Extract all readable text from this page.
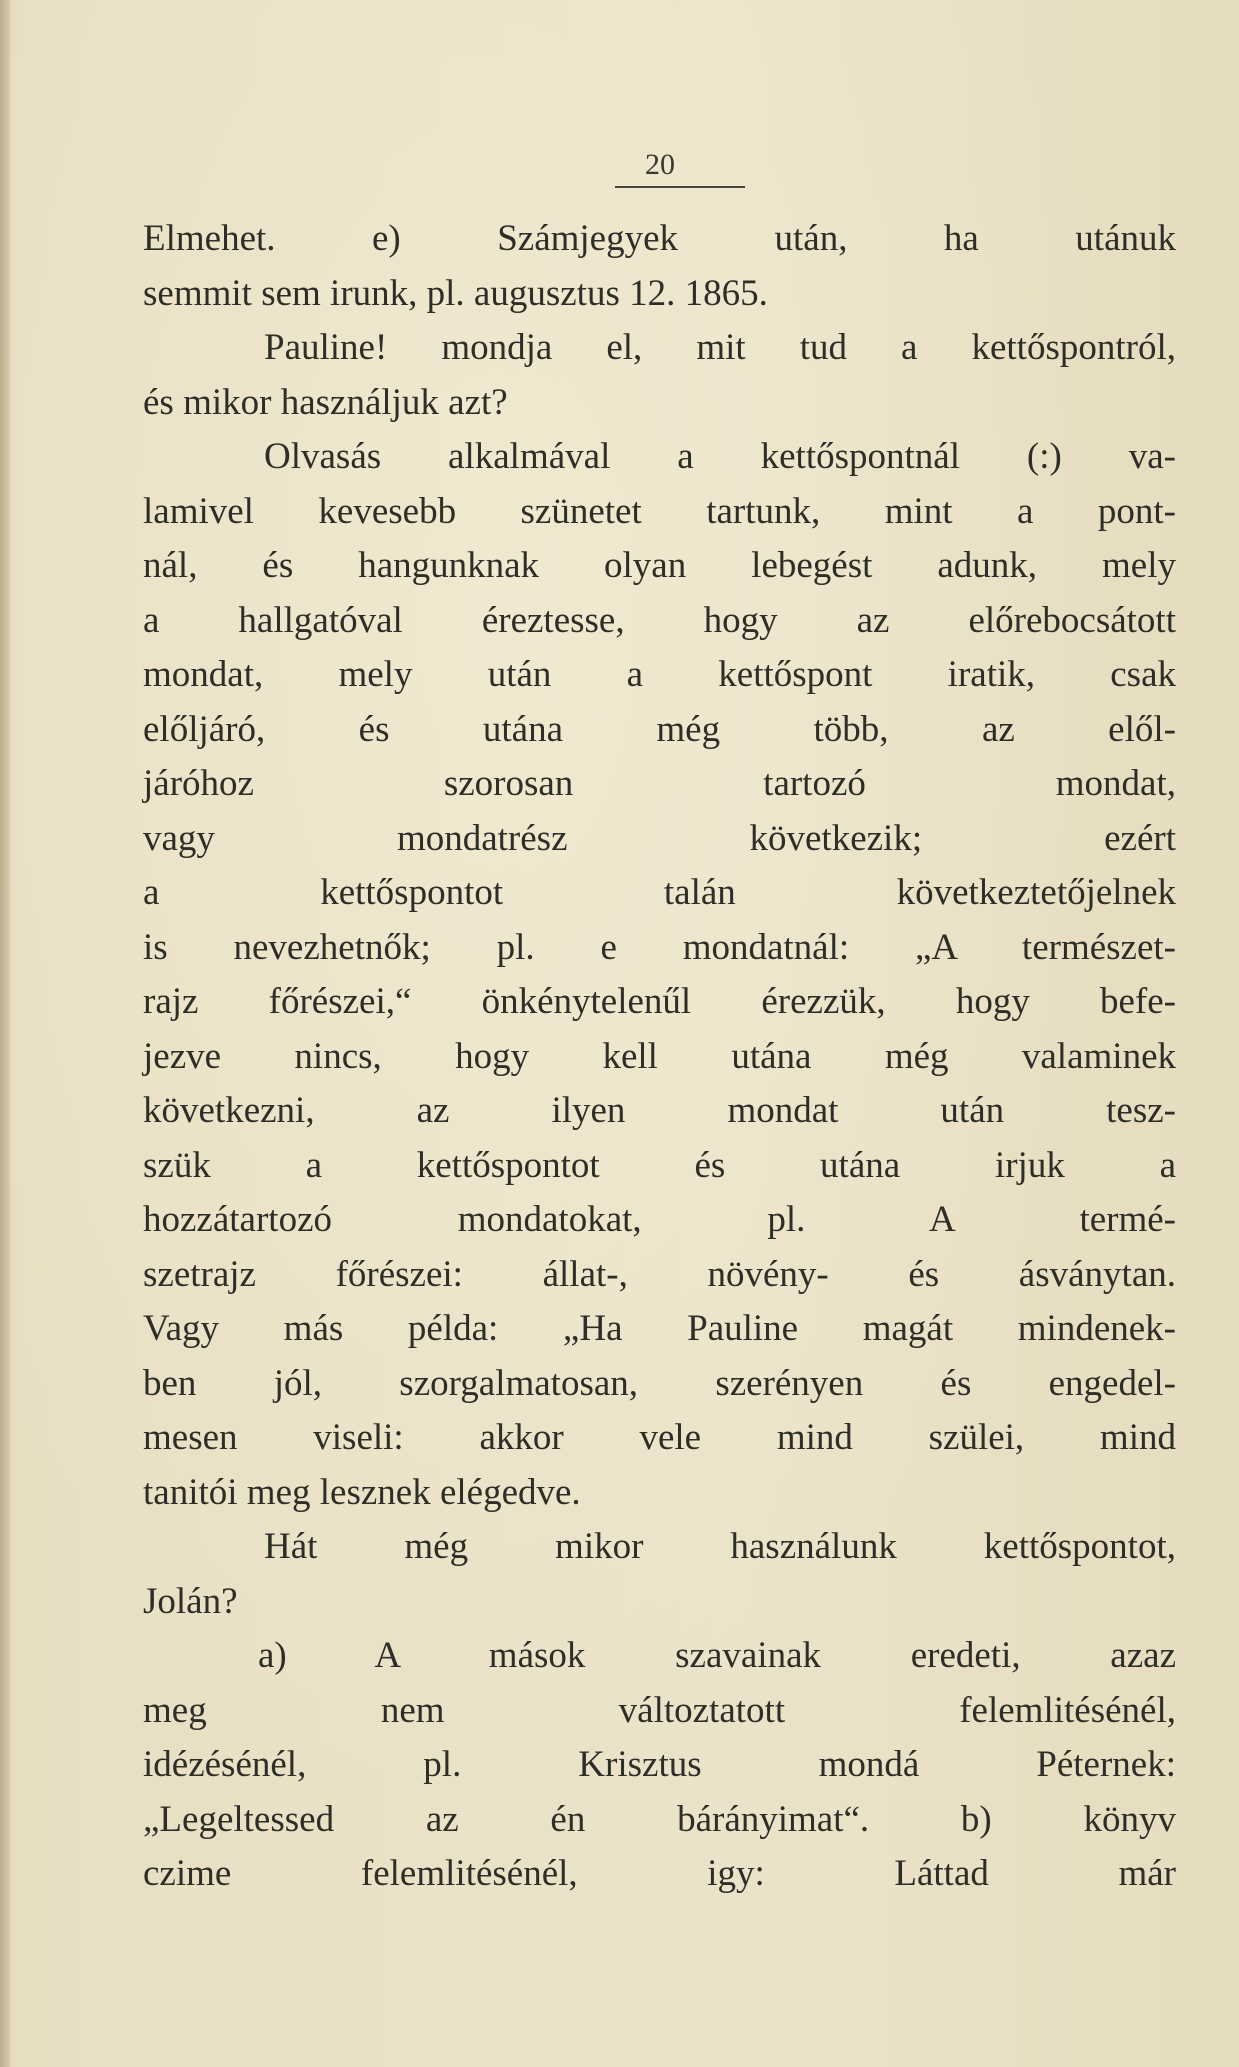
20
Elmehet. e) Számjegyek után, ha utánuk
semmit sem irunk, pl. augusztus 12. 1865.
Pauline! mondja el, mit tud a kettőspontról,
és mikor használjuk azt?
Olvasás alkalmával a kettőspontnál (:) va-
lamivel kevesebb szünetet tartunk, mint a pont-
nál, és hangunknak olyan lebegést adunk, mely
a hallgatóval éreztesse, hogy az előrebocsátott
mondat, mely után a kettőspont iratik, csak
előljáró, és utána még több, az elől-
járóhoz szorosan tartozó mondat,
vagy mondatrész következik; ezért
a kettőspontot talán következtetőjelnek
is nevezhetnők; pl. e mondatnál: „A természet-
rajz főrészei,“ önkénytelenűl érezzük, hogy befe-
jezve nincs, hogy kell utána még valaminek
következni, az ilyen mondat után tesz-
szük a kettőspontot és utána irjuk a
hozzátartozó mondatokat, pl. A termé-
szetrajz főrészei: állat-, növény- és ásványtan.
Vagy más példa: „Ha Pauline magát mindenek-
ben jól, szorgalmatosan, szerényen és engedel-
mesen viseli: akkor vele mind szülei, mind
tanitói meg lesznek elégedve.
Hát még mikor használunk kettőspontot,
Jolán?
a) A mások szavainak eredeti, azaz
meg nem változtatott felemlitésénél,
idézésénél, pl. Krisztus mondá Péternek:
„Legeltessed az én bárányimat“. b) könyv
czime felemlitésénél, igy: Láttad már
